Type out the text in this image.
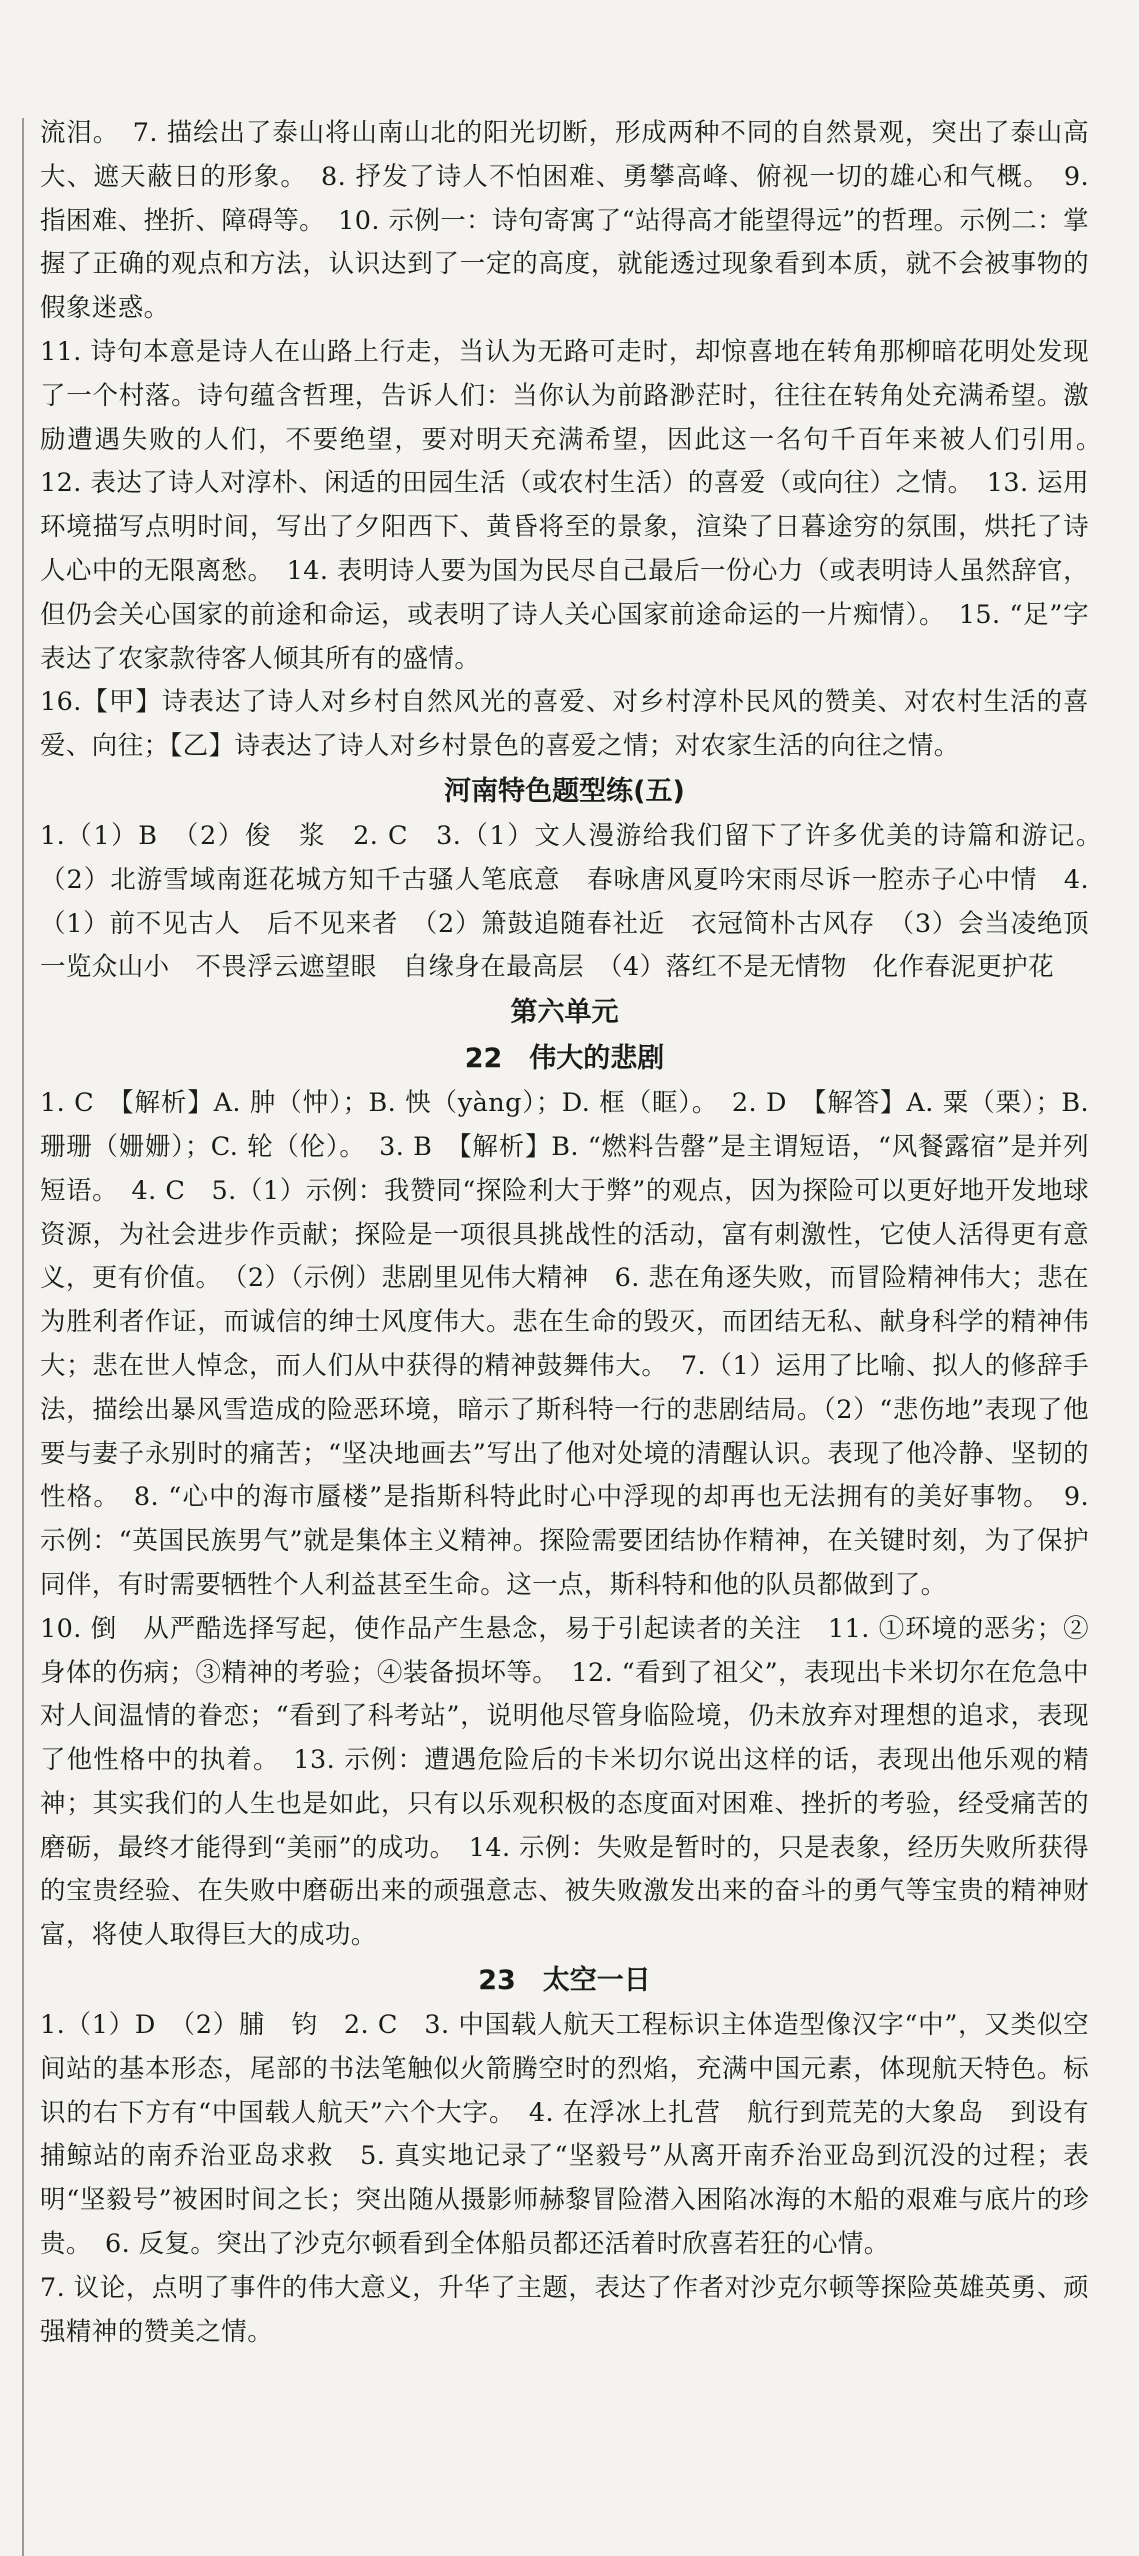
流泪。　7. 描绘出了泰山将山南山北的阳光切断，形成两种不同的自然景观，突出了泰山高大、遮天蔽日的形象。　8. 抒发了诗人不怕困难、勇攀高峰、俯视一切的雄心和气概。　9. 指困难、挫折、障碍等。　10. 示例一：诗句寄寓了“站得高才能望得远”的哲理。示例二：掌握了正确的观点和方法，认识达到了一定的高度，就能透过现象看到本质，就不会被事物的假象迷惑。

11. 诗句本意是诗人在山路上行走，当认为无路可走时，却惊喜地在转角那柳暗花明处发现了一个村落。诗句蕴含哲理，告诉人们：当你认为前路渺茫时，往往在转角处充满希望。激励遭遇失败的人们，不要绝望，要对明天充满希望，因此这一名句千百年来被人们引用。　12. 表达了诗人对淳朴、闲适的田园生活（或农村生活）的喜爱（或向往）之情。　13. 运用环境描写点明时间，写出了夕阳西下、黄昏将至的景象，渲染了日暮途穷的氛围，烘托了诗人心中的无限离愁。　14. 表明诗人要为国为民尽自己最后一份心力（或表明诗人虽然辞官，但仍会关心国家的前途和命运，或表明了诗人关心国家前途命运的一片痴情）。　15. “足”字表达了农家款待客人倾其所有的盛情。

16.【甲】诗表达了诗人对乡村自然风光的喜爱、对乡村淳朴民风的赞美、对农村生活的喜爱、向往；【乙】诗表达了诗人对乡村景色的喜爱之情；对农家生活的向往之情。

河南特色题型练(五)

1.（1）B　（2）俊　浆　2. C　3.（1）文人漫游给我们留下了许多优美的诗篇和游记。　（2）北游雪域南逛花城方知千古骚人笔底意　春咏唐风夏吟宋雨尽诉一腔赤子心中情　4.（1）前不见古人　后不见来者　（2）箫鼓追随春社近　衣冠简朴古风存　（3）会当凌绝顶　一览众山小　不畏浮云遮望眼　自缘身在最高层　（4）落红不是无情物　化作春泥更护花

第六单元
22　伟大的悲剧

1. C　【解析】A. 肿（忡）；B. 怏（yàng）；D. 框（眶）。　2. D　【解答】A. 粟（栗）；B. 珊珊（姗姗）；C. 轮（伦）。　3. B　【解析】B. “燃料告罄”是主谓短语，“风餐露宿”是并列短语。　4. C　5.（1）示例：我赞同“探险利大于弊”的观点，因为探险可以更好地开发地球资源，为社会进步作贡献；探险是一项很具挑战性的活动，富有刺激性，它使人活得更有意义，更有价值。　（2）（示例）悲剧里见伟大精神　6. 悲在角逐失败，而冒险精神伟大；悲在为胜利者作证，而诚信的绅士风度伟大。悲在生命的毁灭，而团结无私、献身科学的精神伟大；悲在世人悼念，而人们从中获得的精神鼓舞伟大。　7.（1）运用了比喻、拟人的修辞手法，描绘出暴风雪造成的险恶环境，暗示了斯科特一行的悲剧结局。（2）“悲伤地”表现了他要与妻子永别时的痛苦；“坚决地画去”写出了他对处境的清醒认识。表现了他冷静、坚韧的性格。　8. “心中的海市蜃楼”是指斯科特此时心中浮现的却再也无法拥有的美好事物。　9. 示例：“英国民族男气”就是集体主义精神。探险需要团结协作精神，在关键时刻，为了保护同伴，有时需要牺牲个人利益甚至生命。这一点，斯科特和他的队员都做到了。

10. 倒　从严酷选择写起，使作品产生悬念，易于引起读者的关注　11. ①环境的恶劣；②身体的伤病；③精神的考验；④装备损坏等。　12. “看到了祖父”，表现出卡米切尔在危急中对人间温情的眷恋；“看到了科考站”，说明他尽管身临险境，仍未放弃对理想的追求，表现了他性格中的执着。　13. 示例：遭遇危险后的卡米切尔说出这样的话，表现出他乐观的精神；其实我们的人生也是如此，只有以乐观积极的态度面对困难、挫折的考验，经受痛苦的磨砺，最终才能得到“美丽”的成功。　14. 示例：失败是暂时的，只是表象，经历失败所获得的宝贵经验、在失败中磨砺出来的顽强意志、被失败激发出来的奋斗的勇气等宝贵的精神财富，将使人取得巨大的成功。

23　太空一日

1.（1）D　（2）脯　钧　2. C　3. 中国载人航天工程标识主体造型像汉字“中”，又类似空间站的基本形态，尾部的书法笔触似火箭腾空时的烈焰，充满中国元素，体现航天特色。标识的右下方有“中国载人航天”六个大字。　4. 在浮冰上扎营　航行到荒芜的大象岛　到设有捕鲸站的南乔治亚岛求救　5. 真实地记录了“坚毅号”从离开南乔治亚岛到沉没的过程；表明“坚毅号”被困时间之长；突出随从摄影师赫黎冒险潜入困陷冰海的木船的艰难与底片的珍贵。　6. 反复。突出了沙克尔顿看到全体船员都还活着时欣喜若狂的心情。

7. 议论，点明了事件的伟大意义，升华了主题，表达了作者对沙克尔顿等探险英雄英勇、顽强精神的赞美之情。
